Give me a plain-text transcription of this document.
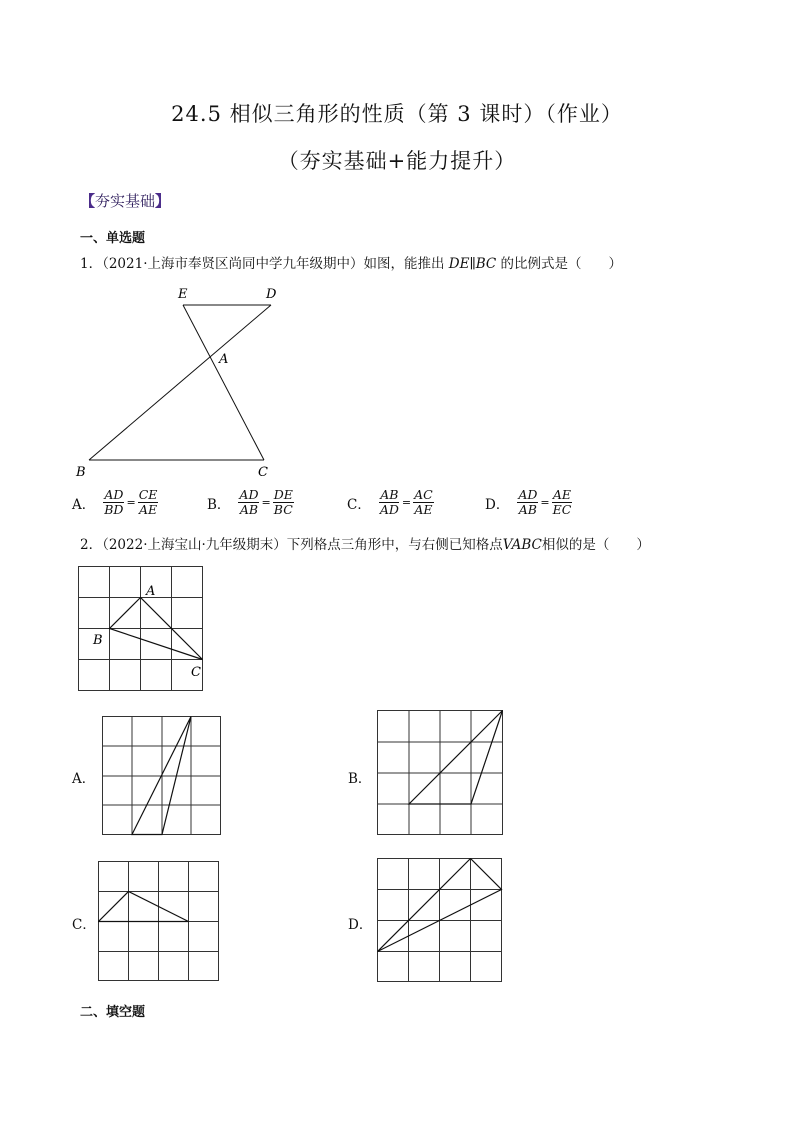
24.5 相似三角形的性质（第 3 课时）（作业）
（夯实基础+能力提升）
【夯实基础】
一、单选题
1．（2021·上海市奉贤区尚同中学九年级期中）如图，能推出 DE∥BC 的比例式是（　　）
E	D
A
B	C
A． $\frac{AD}{BD} = \frac{CE}{AE}$	B． $\frac{AD}{AB} = \frac{DE}{BC}$	C． $\frac{AB}{AD} = \frac{AC}{AE}$	D． $\frac{AD}{AB} = \frac{AE}{EC}$
2．（2022·上海宝山·九年级期末）下列格点三角形中，与右侧已知格点VABC相似的是（　　）
A
B
C
A．	B．
C．	D．
二、填空题
